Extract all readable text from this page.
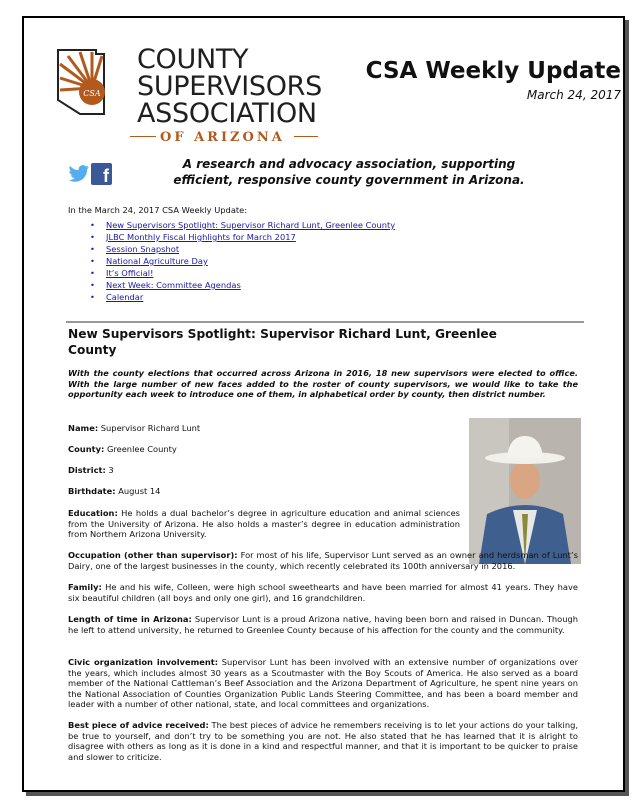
CSA
COUNTY
SUPERVISORS
ASSOCIATION
OF ARIZONA
CSA Weekly Update
March 24, 2017
f
A research and advocacy association, supporting efficient, responsive county government in Arizona.
In the March 24, 2017 CSA Weekly Update:
• New Supervisors Spotlight: Supervisor Richard Lunt, Greenlee County
• JLBC Monthly Fiscal Highlights for March 2017
• Session Snapshot
• National Agriculture Day
• It’s Official!
• Next Week: Committee Agendas
• Calendar
New Supervisors Spotlight: Supervisor Richard Lunt, Greenlee County
With the county elections that occurred across Arizona in 2016, 18 new supervisors were elected to office. With the large number of new faces added to the roster of county supervisors, we would like to take the opportunity each week to introduce one of them, in alphabetical order by county, then district number.
Name: Supervisor Richard Lunt
County: Greenlee County
District: 3
Birthdate: August 14
Education: He holds a dual bachelor’s degree in agriculture education and animal sciences from the University of Arizona. He also holds a master’s degree in education administration from Northern Arizona University.
Occupation (other than supervisor): For most of his life, Supervisor Lunt served as an owner and herdsman of Lunt’s Dairy, one of the largest businesses in the county, which recently celebrated its 100th anniversary in 2016.
Family: He and his wife, Colleen, were high school sweethearts and have been married for almost 41 years. They have six beautiful children (all boys and only one girl), and 16 grandchildren.
Length of time in Arizona: Supervisor Lunt is a proud Arizona native, having been born and raised in Duncan. Though he left to attend university, he returned to Greenlee County because of his affection for the county and the community.
Civic organization involvement: Supervisor Lunt has been involved with an extensive number of organizations over the years, which includes almost 30 years as a Scoutmaster with the Boy Scouts of America. He also served as a board member of the National Cattleman’s Beef Association and the Arizona Department of Agriculture, he spent nine years on the National Association of Counties Organization Public Lands Steering Committee, and has been a board member and leader with a number of other national, state, and local committees and organizations.
Best piece of advice received: The best pieces of advice he remembers receiving is to let your actions do your talking, be true to yourself, and don’t try to be something you are not. He also stated that he has learned that it is alright to disagree with others as long as it is done in a kind and respectful manner, and that it is important to be quicker to praise and slower to criticize.
